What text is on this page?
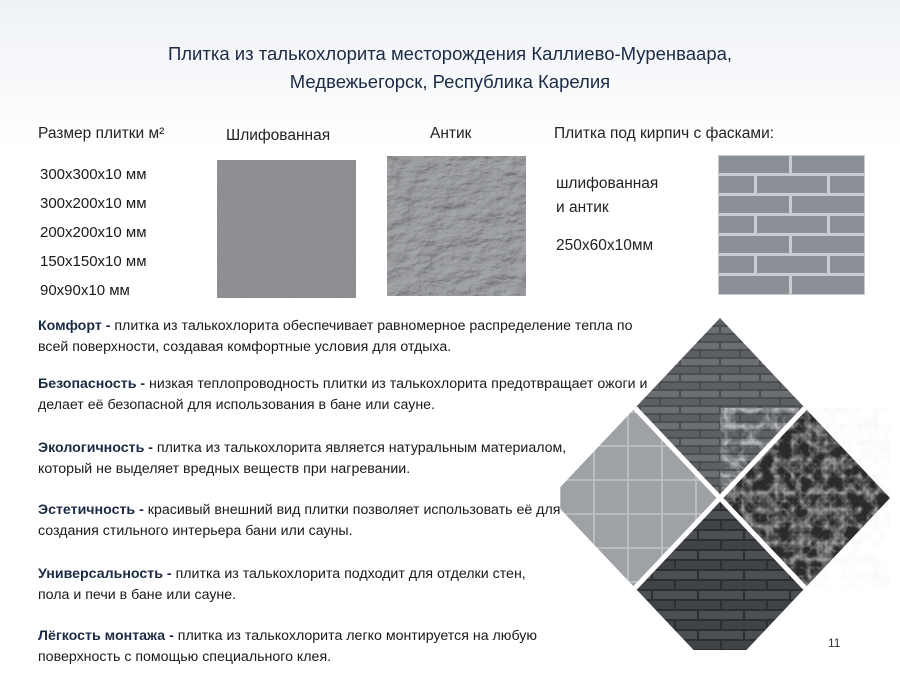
Плитка из талькохлорита месторождения Каллиево-Муренваара,
Медвежьегорск, Республика Карелия
Размер плитки м²	Шлифованная	Антик	Плитка под кирпич с фасками:
300x300x10 мм
300x200x10 мм
200x200x10 мм
150x150x10 мм
90x90x10 мм
шлифованная
и антик
250x60x10мм
Комфорт - плитка из талькохлорита обеспечивает равномерное распределение тепла по всей поверхности, создавая комфортные условия для отдыха.
Безопасность - низкая теплопроводность плитки из талькохлорита предотвращает ожоги и делает её безопасной для использования в бане или сауне.
Экологичность - плитка из талькохлорита является натуральным материалом, который не выделяет вредных веществ при нагревании.
Эстетичность - красивый внешний вид плитки позволяет использовать её для создания стильного интерьера бани или сауны.
Универсальность - плитка из талькохлорита подходит для отделки стен, пола и печи в бане или сауне.
Лёгкость монтажа - плитка из талькохлорита легко монтируется на любую поверхность с помощью специального клея.
11
